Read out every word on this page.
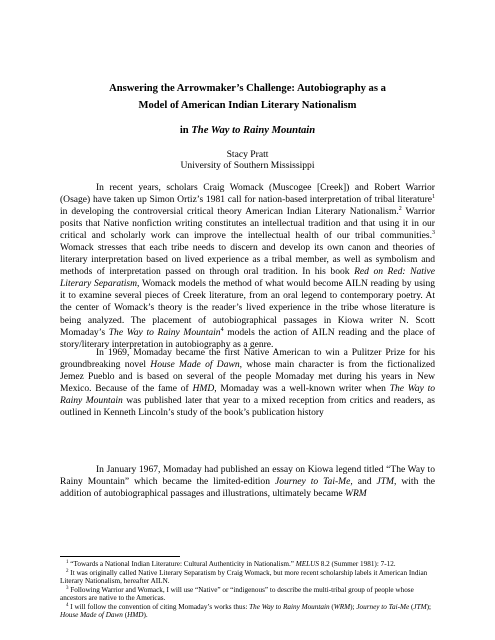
Answering the Arrowmaker’s Challenge: Autobiography as a
Model of American Indian Literary Nationalism
in The Way to Rainy Mountain
Stacy Pratt
University of Southern Mississippi

In recent years, scholars Craig Womack (Muscogee [Creek]) and Robert Warrior (Osage) have taken up Simon Ortiz’s 1981 call for nation-based interpretation of tribal literature$^1$ in developing the controversial critical theory American Indian Literary Nationalism.$^2$ Warrior posits that Native nonfiction writing constitutes an intellectual tradition and that using it in our critical and scholarly work can improve the intellectual health of our tribal communities.$^3$ Womack stresses that each tribe needs to discern and develop its own canon and theories of literary interpretation based on lived experience as a tribal member, as well as symbolism and methods of interpretation passed on through oral tradition. In his book Red on Red: Native Literary Separatism, Womack models the method of what would become AILN reading by using it to examine several pieces of Creek literature, from an oral legend to contemporary poetry. At the center of Womack’s theory is the reader’s lived experience in the tribe whose literature is being analyzed. The placement of autobiographical passages in Kiowa writer N. Scott Momaday’s The Way to Rainy Mountain$^4$ models the action of AILN reading and the place of story/literary interpretation in autobiography as a genre.

In 1969, Momaday became the first Native American to win a Pulitzer Prize for his groundbreaking novel House Made of Dawn, whose main character is from the fictionalized Jemez Pueblo and is based on several of the people Momaday met during his years in New Mexico. Because of the fame of HMD, Momaday was a well-known writer when The Way to Rainy Mountain was published later that year to a mixed reception from critics and readers, as outlined in Kenneth Lincoln’s study of the book’s publication history

In January 1967, Momaday had published an essay on Kiowa legend titled “The Way to Rainy Mountain” which became the limited-edition Journey to Tai-Me, and JTM, with the addition of autobiographical passages and illustrations, ultimately became WRM

$^1$ “Towards a National Indian Literature: Cultural Authenticity in Nationalism.” MELUS 8.2 (Summer 1981): 7-12.

$^2$ It was originally called Native Literary Separatism by Craig Womack, but more recent scholarship labels it American Indian Literary Nationalism, hereafter AILN.

$^3$ Following Warrior and Womack, I will use “Native” or “indigenous” to describe the multi-tribal group of people whose ancestors are native to the Americas.

$^4$ I will follow the convention of citing Momaday’s works thus: The Way to Rainy Mountain (WRM); Journey to Tai-Me (JTM); House Made of Dawn (HMD).
